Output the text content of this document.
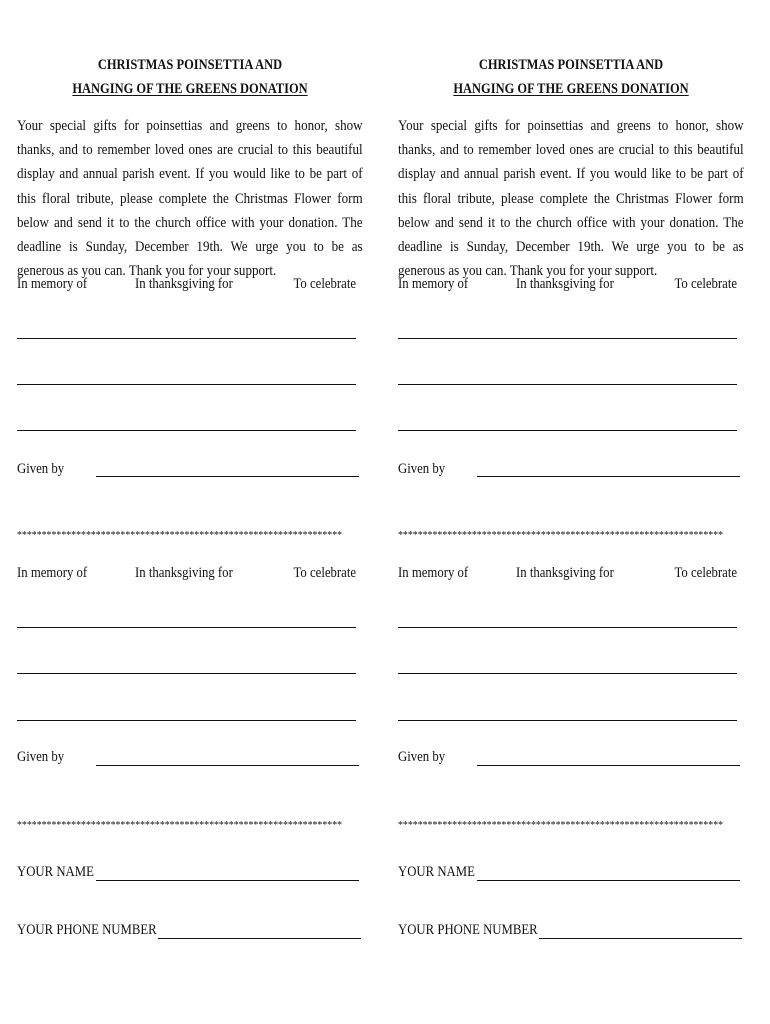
CHRISTMAS POINSETTIA AND
HANGING OF THE GREENS DONATION
Your special gifts for poinsettias and greens to honor, show thanks, and to remember loved ones are crucial to this beautiful display and annual parish event. If you would like to be part of this floral tribute, please complete the Christmas Flower form below and send it to the church office with your donation. The deadline is Sunday, December 19th. We urge you to be as generous as you can. Thank you for your support.
In memory of	In thanksgiving for	To celebrate
Given by
******************************************************************
In memory of	In thanksgiving for	To celebrate
Given by
******************************************************************
YOUR NAME
YOUR PHONE NUMBER
CHRISTMAS POINSETTIA AND
HANGING OF THE GREENS DONATION
Your special gifts for poinsettias and greens to honor, show thanks, and to remember loved ones are crucial to this beautiful display and annual parish event. If you would like to be part of this floral tribute, please complete the Christmas Flower form below and send it to the church office with your donation. The deadline is Sunday, December 19th. We urge you to be as generous as you can. Thank you for your support.
In memory of	In thanksgiving for	To celebrate
Given by
******************************************************************
In memory of	In thanksgiving for	To celebrate
Given by
******************************************************************
YOUR NAME
YOUR PHONE NUMBER
